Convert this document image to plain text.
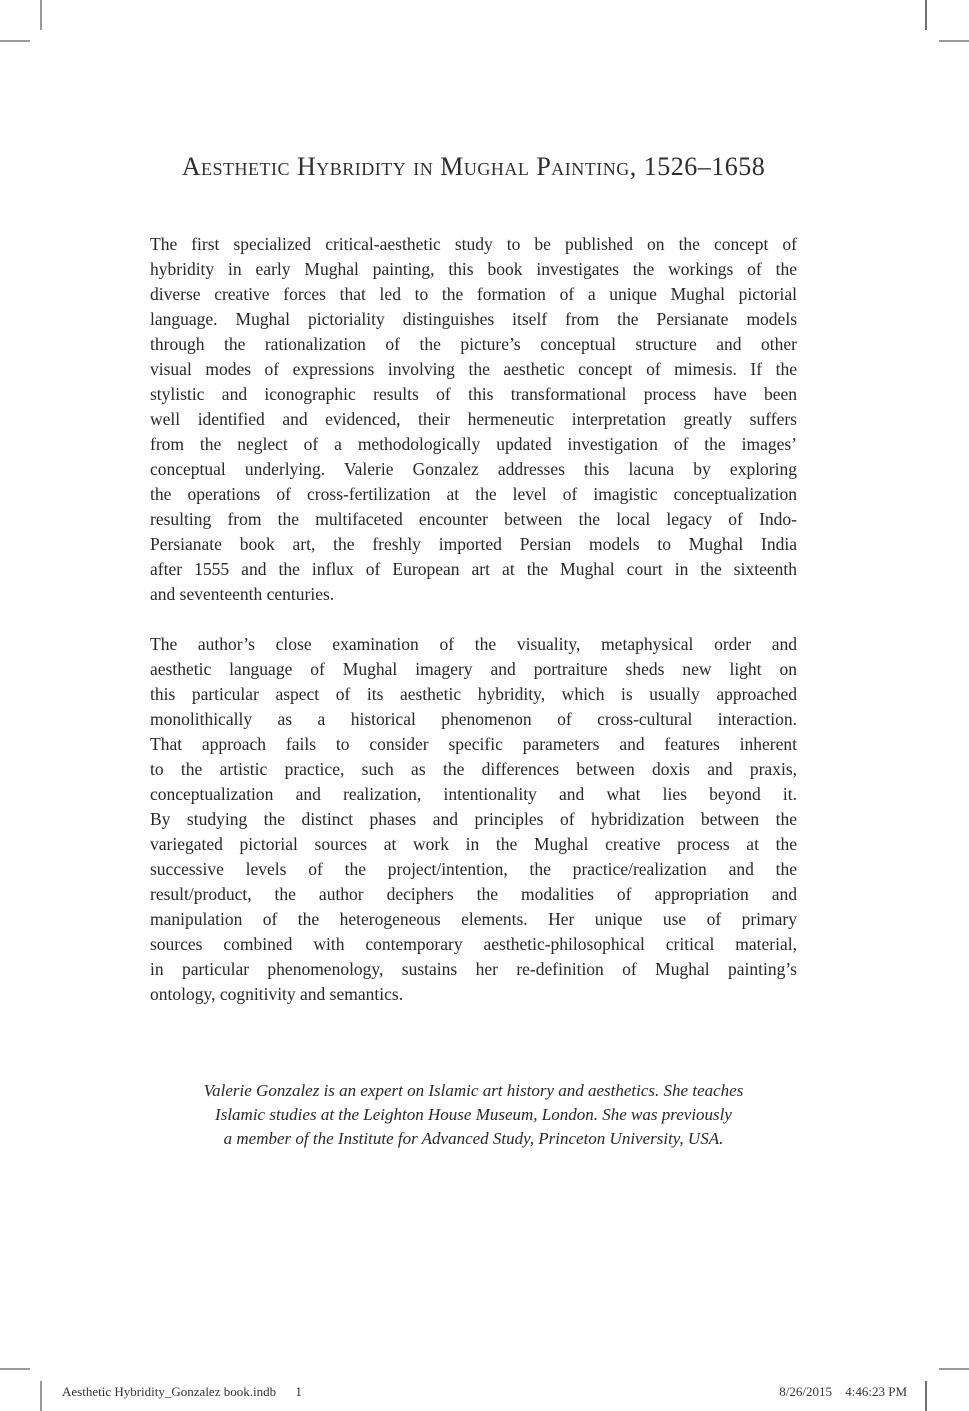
Aesthetic Hybridity in Mughal Painting, 1526–1658
The first specialized critical-aesthetic study to be published on the concept of
hybridity in early Mughal painting, this book investigates the workings of the
diverse creative forces that led to the formation of a unique Mughal pictorial
language. Mughal pictoriality distinguishes itself from the Persianate models
through the rationalization of the picture’s conceptual structure and other
visual modes of expressions involving the aesthetic concept of mimesis. If the
stylistic and iconographic results of this transformational process have been
well identified and evidenced, their hermeneutic interpretation greatly suffers
from the neglect of a methodologically updated investigation of the images’
conceptual underlying. Valerie Gonzalez addresses this lacuna by exploring
the operations of cross-fertilization at the level of imagistic conceptualization
resulting from the multifaceted encounter between the local legacy of Indo-
Persianate book art, the freshly imported Persian models to Mughal India
after 1555 and the influx of European art at the Mughal court in the sixteenth
and seventeenth centuries.
The author’s close examination of the visuality, metaphysical order and
aesthetic language of Mughal imagery and portraiture sheds new light on
this particular aspect of its aesthetic hybridity, which is usually approached
monolithically as a historical phenomenon of cross-cultural interaction.
That approach fails to consider specific parameters and features inherent
to the artistic practice, such as the differences between doxis and praxis,
conceptualization and realization, intentionality and what lies beyond it.
By studying the distinct phases and principles of hybridization between the
variegated pictorial sources at work in the Mughal creative process at the
successive levels of the project/intention, the practice/realization and the
result/product, the author deciphers the modalities of appropriation and
manipulation of the heterogeneous elements. Her unique use of primary
sources combined with contemporary aesthetic-philosophical critical material,
in particular phenomenology, sustains her re-definition of Mughal painting’s
ontology, cognitivity and semantics.
Valerie Gonzalez is an expert on Islamic art history and aesthetics. She teaches
Islamic studies at the Leighton House Museum, London. She was previously
a member of the Institute for Advanced Study, Princeton University, USA.
Aesthetic Hybridity_Gonzalez book.indb 1	8/26/2015 4:46:23 PM
